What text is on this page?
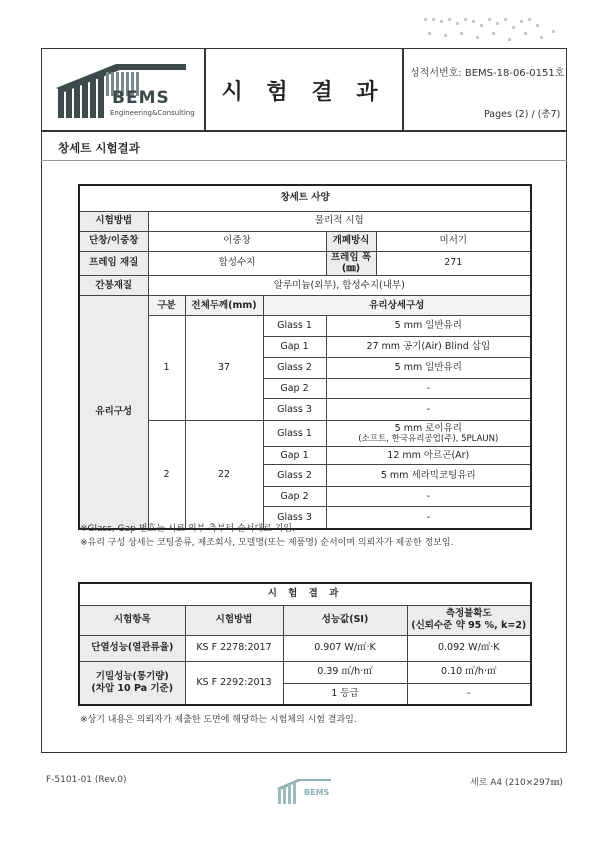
BEMS
Engineering&Consulting
시 험 결 과
성적서번호: BEMS-18-06-0151호
Pages (2) / (총7)
창세트 시험결과
창세트 사양					
시험방법	물리적 시험				
단창/이중창	이중창			개폐방식	미서기
프레임 재질	합성수지			프레임 폭(㎜)	271
간봉재질	알루미늄(외부), 합성수지(내부)				
유리구성	구분	전체두께(mm)	유리상세구성		
	1	37	Glass 1	5 mm 일반유리	
			Gap 1	27 mm 공기(Air) Blind 삽입	
			Glass 2	5 mm 일반유리	
			Gap 2	-	
			Glass 3	-	
	2	22	Glass 1	5 mm 로이유리
(소프트, 한국유리공업(주), 5PLAUN)	

			Gap 1	12 mm 아르곤(Ar)	
			Glass 2	5 mm 세라믹코팅유리	
			Gap 2	-	
			Glass 3	-	
※Glass, Gap 번호는 시료 외부 측부터 순서대로 기입.
※유리 구성 상세는 코팅종류, 제조회사, 모델명(또는 제품명) 순서이며 의뢰자가 제공한 정보임.
시 험 결 과			
시험항목	시험방법	성능값(SI)	측정불확도
(신뢰수준 약 95 %, k=2)

단열성능(열관류율)	KS F 2278:2017	0.907 W/㎡·K	0.092 W/㎡·K

기밀성능(통기량)
(차압 10 Pa 기준)	KS F 2292:2013	0.39 ㎥/h·㎡	0.10 ㎥/h·㎡
		1 등급	-
※상기 내용은 의뢰자가 제출한 도면에 해당하는 시험체의 시험 결과임.
F-5101-01 (Rev.0)	세로 A4 (210×297㎜)
BEMS
